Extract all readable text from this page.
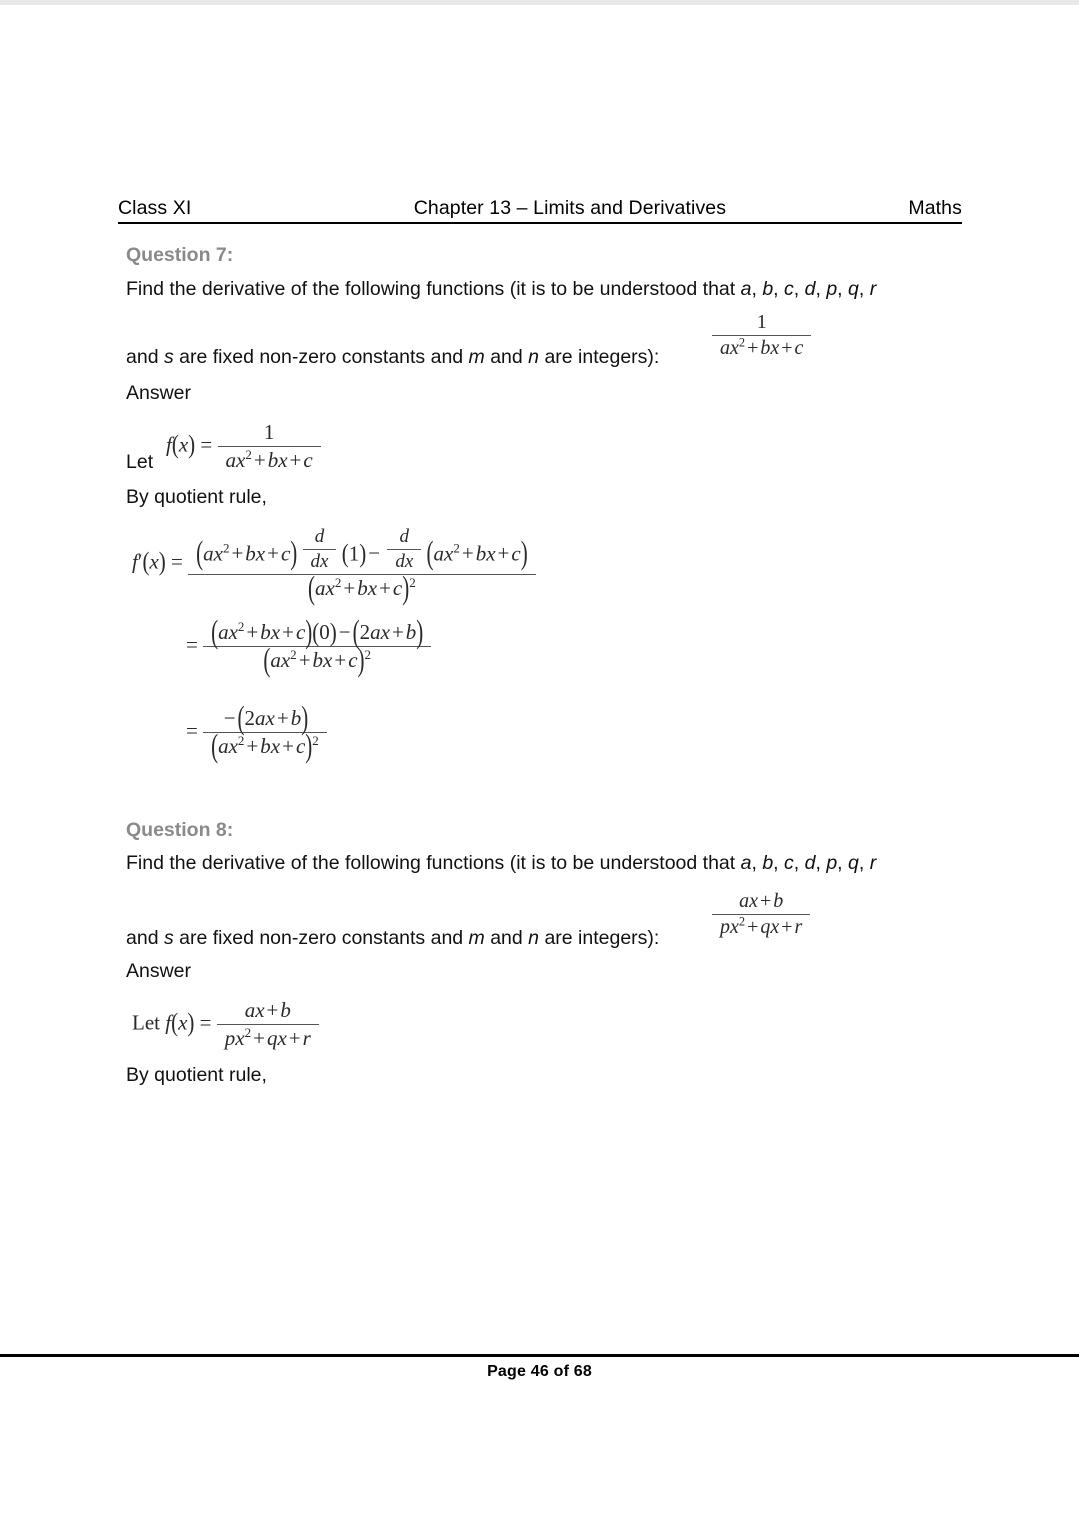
Class XI	Chapter 13 – Limits and Derivatives	Maths
Question 7:
Find the derivative of the following functions (it is to be understood that a, b, c, d, p, q, r
and s are fixed non-zero constants and m and n are integers):	$\frac{1}{ax^2 + bx + c}$
Answer
Let
$f(x) = \frac{1}{ax^2+bx+c}$
By quotient rule,
$f'(x) = (ax^2+bx+c) \frac{d}{dx} (1)- \frac{d}{dx} (ax^2+bx+c)$
$(ax^2+bx+c)^2$
= $\frac{(ax^2+bx+c)(0)-(2ax+b)}{(ax^2+bx+c)^2}$
= $\frac{-(2ax+b)}{(ax^2+bx+c)^2}$
Question 8:
Find the derivative of the following functions (it is to be understood that a, b, c, d, p, q, r
and s are fixed non-zero constants and m and n are integers):	$\frac{ax + b}{px^2 + qx + r}$
Answer
Let $f(x) = \frac{ax+b}{px^2+qx+r}$
By quotient rule,
Page 46 of 68
